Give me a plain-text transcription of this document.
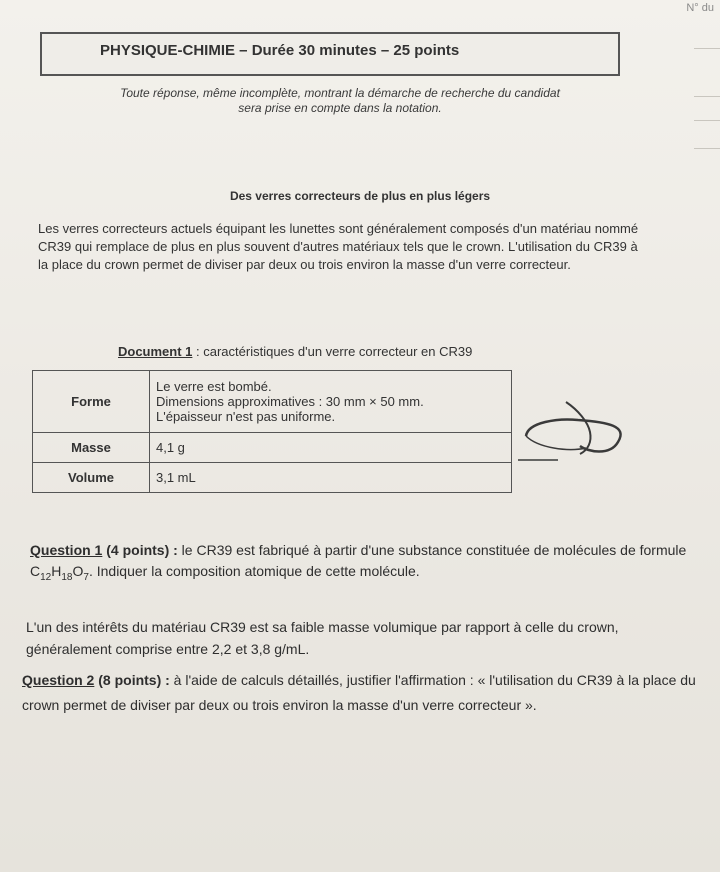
N° du
PHYSIQUE-CHIMIE – Durée 30 minutes – 25 points
Toute réponse, même incomplète, montrant la démarche de recherche du candidat
sera prise en compte dans la notation.
Des verres correcteurs de plus en plus légers
Les verres correcteurs actuels équipant les lunettes sont généralement composés d'un matériau nommé CR39 qui remplace de plus en plus souvent d'autres matériaux tels que le crown. L'utilisation du CR39 à la place du crown permet de diviser par deux ou trois environ la masse d'un verre correcteur.
Document 1 : caractéristiques d'un verre correcteur en CR39
Forme	Le verre est bombé.
Dimensions approximatives : 30 mm × 50 mm.
L'épaisseur n'est pas uniforme.

Masse	4,1 g
Volume	3,1 mL
Question 1 (4 points) : le CR39 est fabriqué à partir d'une substance constituée de molécules de formule $C_{12}H_{18}O_7$. Indiquer la composition atomique de cette molécule.
L'un des intérêts du matériau CR39 est sa faible masse volumique par rapport à celle du crown, généralement comprise entre 2,2 et 3,8 g/mL.
Question 2 (8 points) : à l'aide de calculs détaillés, justifier l'affirmation : « l'utilisation du CR39 à la place du crown permet de diviser par deux ou trois environ la masse d'un verre correcteur ».
